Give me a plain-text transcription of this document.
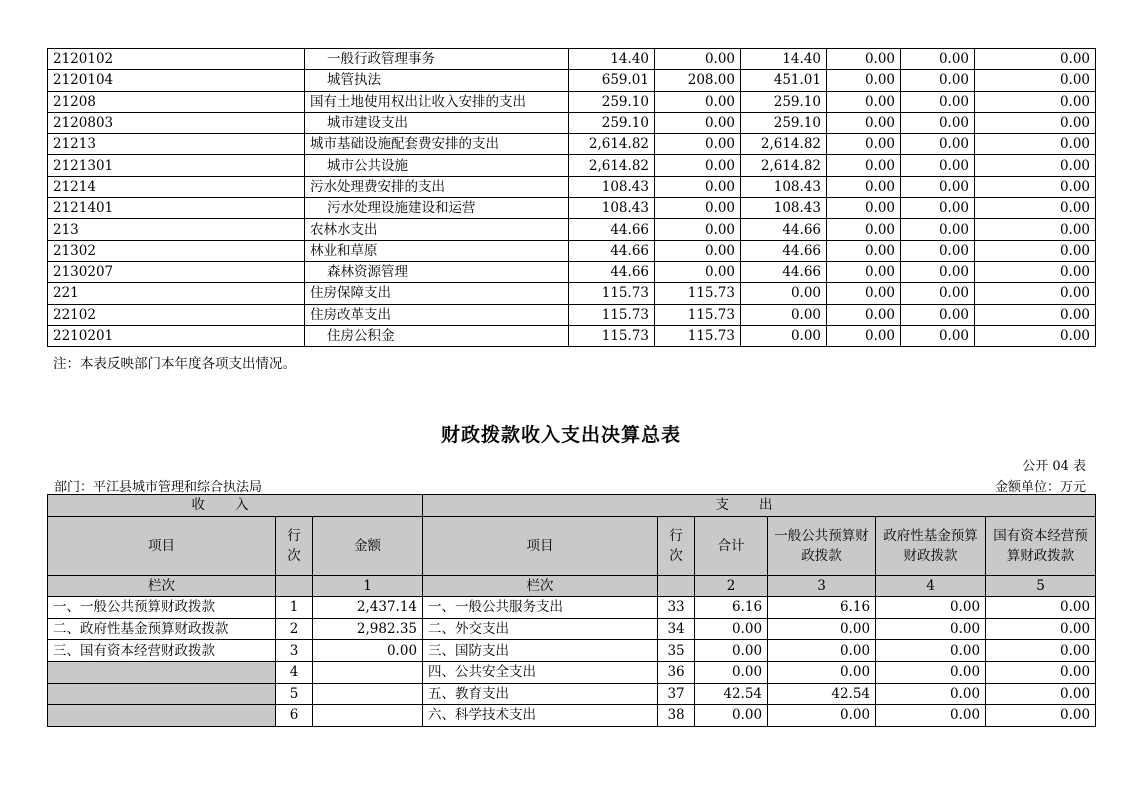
2120102	一般行政管理事务	14.40	0.00	14.40	0.00	0.00	0.00
2120104	城管执法	659.01	208.00	451.01	0.00	0.00	0.00
21208	国有土地使用权出让收入安排的支出	259.10	0.00	259.10	0.00	0.00	0.00
2120803	城市建设支出	259.10	0.00	259.10	0.00	0.00	0.00
21213	城市基础设施配套费安排的支出	2,614.82	0.00	2,614.82	0.00	0.00	0.00
2121301	城市公共设施	2,614.82	0.00	2,614.82	0.00	0.00	0.00
21214	污水处理费安排的支出	108.43	0.00	108.43	0.00	0.00	0.00
2121401	污水处理设施建设和运营	108.43	0.00	108.43	0.00	0.00	0.00
213	农林水支出	44.66	0.00	44.66	0.00	0.00	0.00
21302	林业和草原	44.66	0.00	44.66	0.00	0.00	0.00
2130207	森林资源管理	44.66	0.00	44.66	0.00	0.00	0.00
221	住房保障支出	115.73	115.73	0.00	0.00	0.00	0.00
22102	住房改革支出	115.73	115.73	0.00	0.00	0.00	0.00
2210201	住房公积金	115.73	115.73	0.00	0.00	0.00	0.00
注：本表反映部门本年度各项支出情况。
财政拨款收入支出决算总表
公开 04 表
部门：平江县城市管理和综合执法局	金额单位：万元
收入			支出					
项目	行次	金额	项目	行次	合计	一般公共预算财政拨款	政府性基金预算财政拨款	国有资本经营预算财政拨款
栏次		1	栏次		2	3	4	5
一、一般公共预算财政拨款	1	2,437.14	一、一般公共服务支出	33	6.16	6.16	0.00	0.00
二、政府性基金预算财政拨款	2	2,982.35	二、外交支出	34	0.00	0.00	0.00	0.00
三、国有资本经营财政拨款	3	0.00	三、国防支出	35	0.00	0.00	0.00	0.00
	4		四、公共安全支出	36	0.00	0.00	0.00	0.00
	5		五、教育支出	37	42.54	42.54	0.00	0.00
	6		六、科学技术支出	38	0.00	0.00	0.00	0.00
